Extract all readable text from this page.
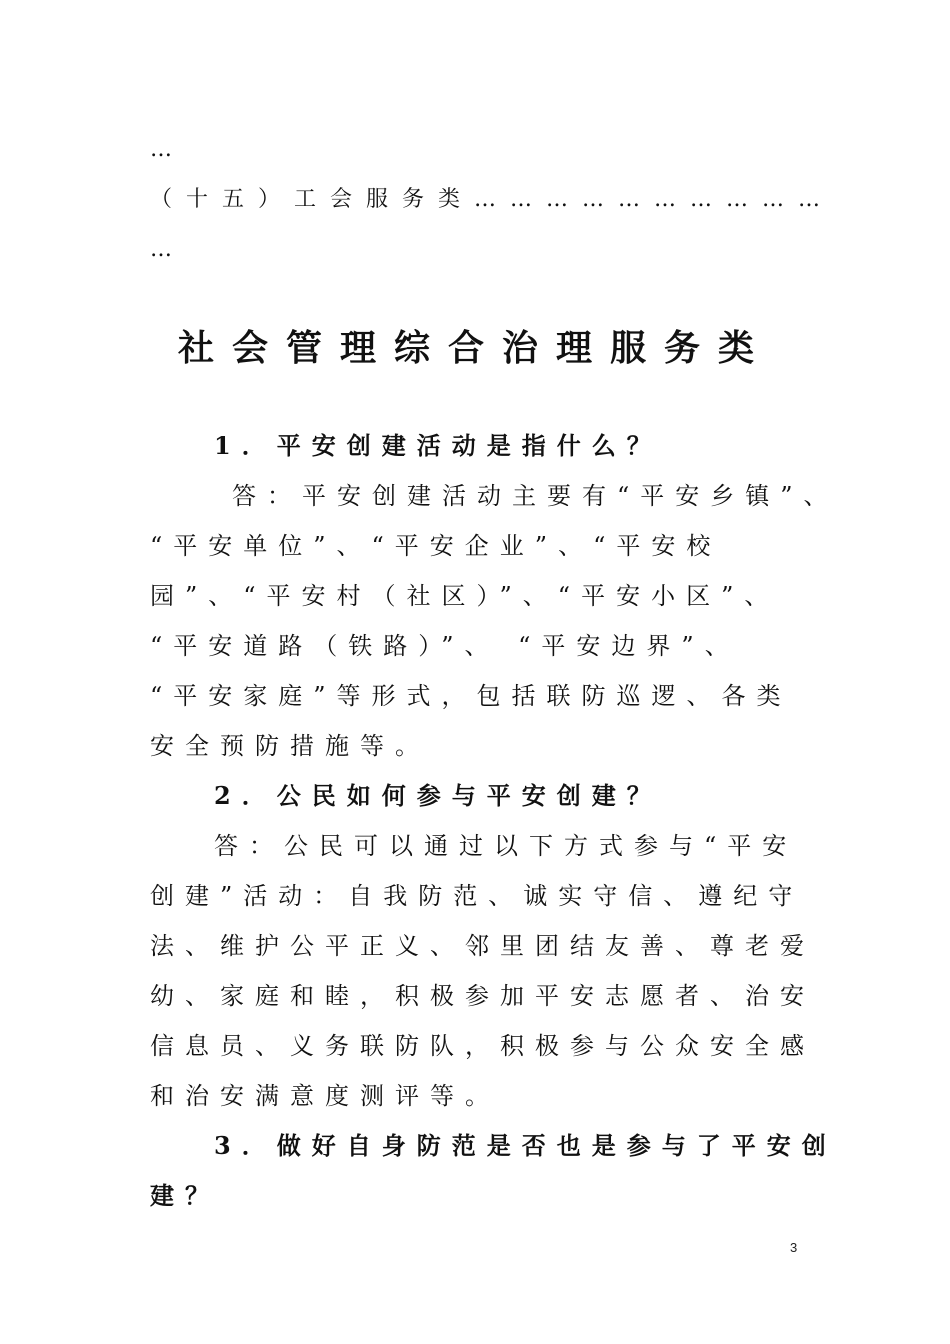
…
（十五）工会服务类…………………………
…
社会管理综合治理服务类
1．平安创建活动是指什么？
答：平安创建活动主要有“平安乡镇”、
“平安单位”、“平安企业”、“平安校
园”、“平安村（社区）”、“平安小区”、
“平安道路（铁路）”、 “平安边界”、
“平安家庭”等形式，包括联防巡逻、各类
安全预防措施等。
2．公民如何参与平安创建？
答：公民可以通过以下方式参与“平安
创建”活动：自我防范、诚实守信、遵纪守
法、维护公平正义、邻里团结友善、尊老爱
幼、家庭和睦，积极参加平安志愿者、治安
信息员、义务联防队，积极参与公众安全感
和治安满意度测评等。
3．做好自身防范是否也是参与了平安创
建？
3
